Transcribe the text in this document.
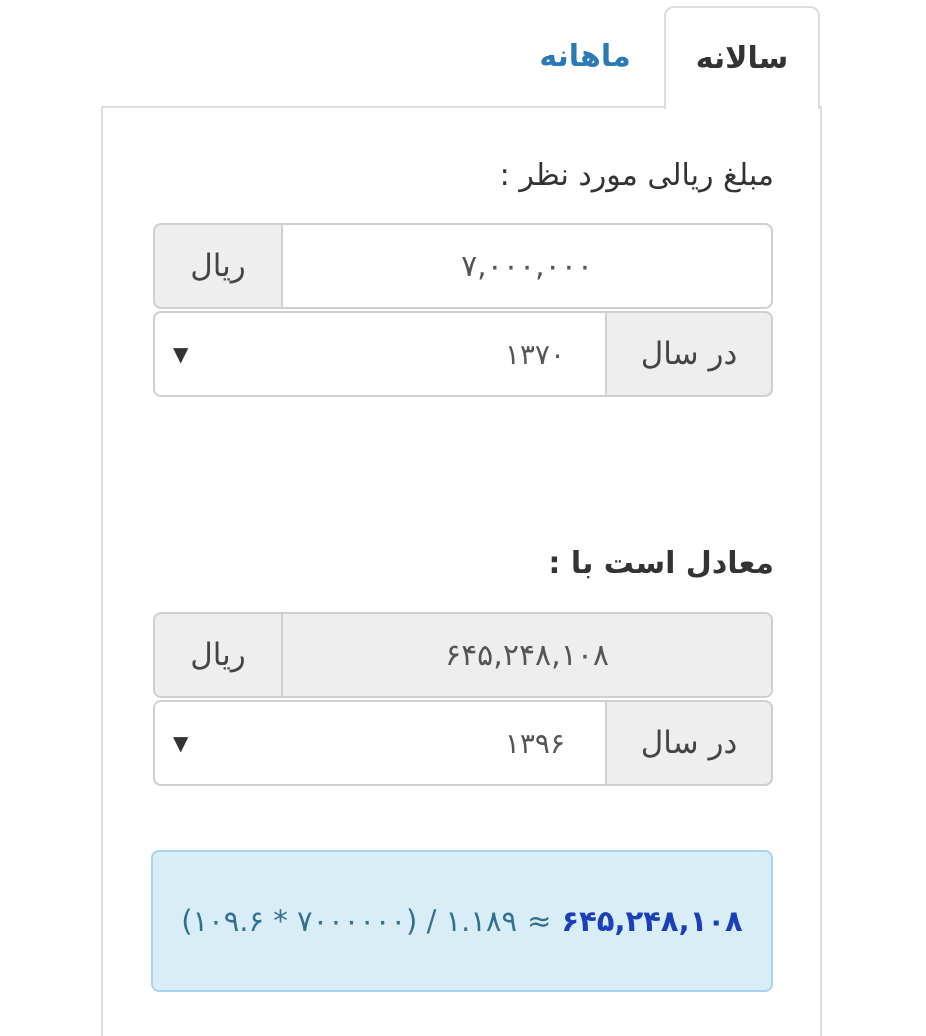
سالانه
ماهانه
مبلغ ریالی مورد نظر :
ریال	۷,۰۰۰,۰۰۰
▼	۱۳۷۰	در سال
معادل است با :
ریال	۶۴۵,۲۴۸,۱۰۸
▼	۱۳۹۶	در سال
(۱۰۹.۶ * ۷۰۰۰۰۰۰) / ۱.۱۸۹ ≈ ۶۴۵,۲۴۸,۱۰۸
